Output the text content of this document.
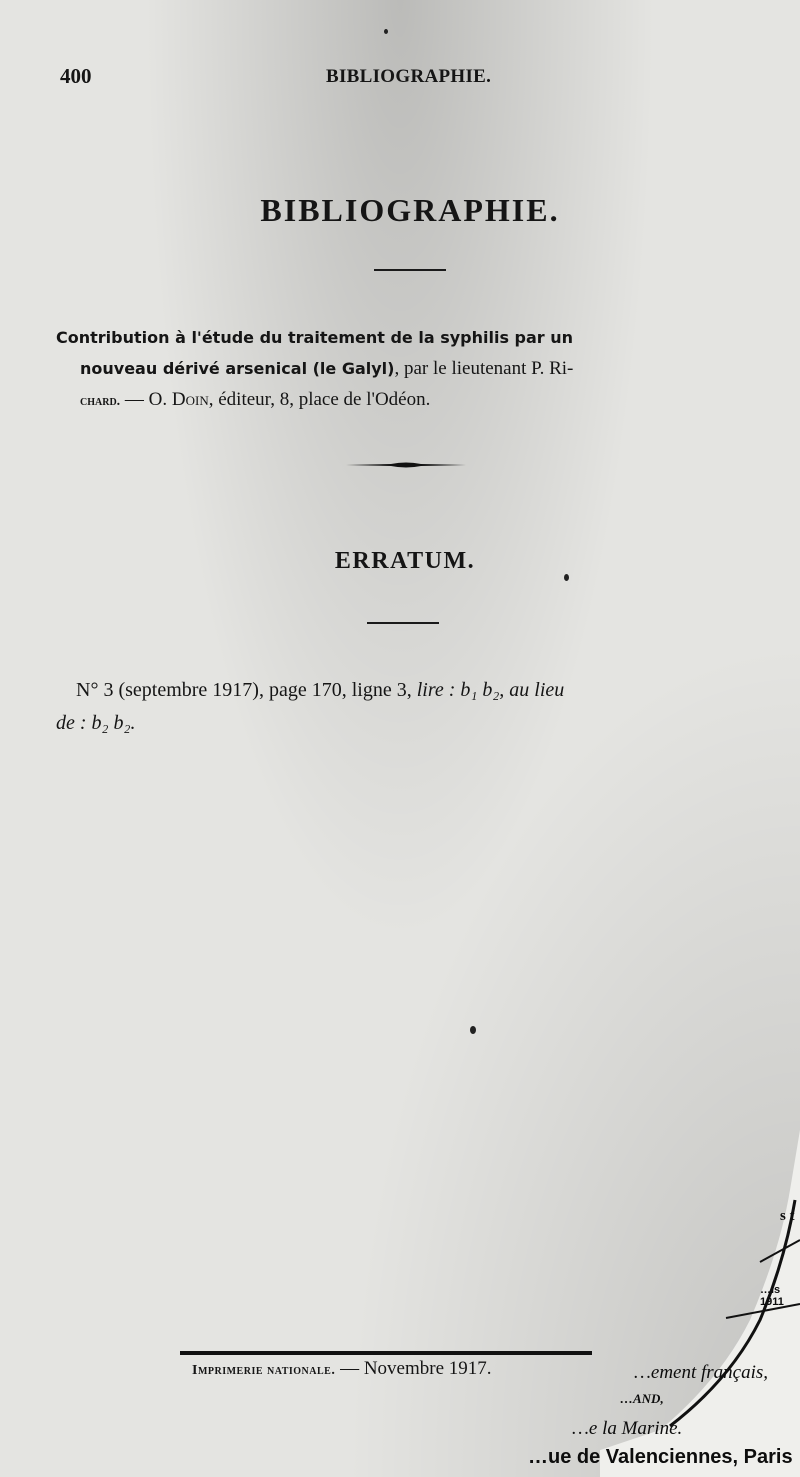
400	BIBLIOGRAPHIE.
BIBLIOGRAPHIE.
Contribution à l'étude du traitement de la syphilis par un
nouveau dérivé arsenical (le Galyl), par le lieutenant P. Ri-
chard. — O. Doin, éditeur, 8, place de l'Odéon.
ERRATUM.
N° 3 (septembre 1917), page 170, ligne 3, lire : b₁ b₂, au lieu
de : b₂ b₂.
Imprimerie nationale. — Novembre 1917.
s t
…is 1911
…ement français,
…AND,
…e la Marine.
…ue de Valenciennes, Paris
